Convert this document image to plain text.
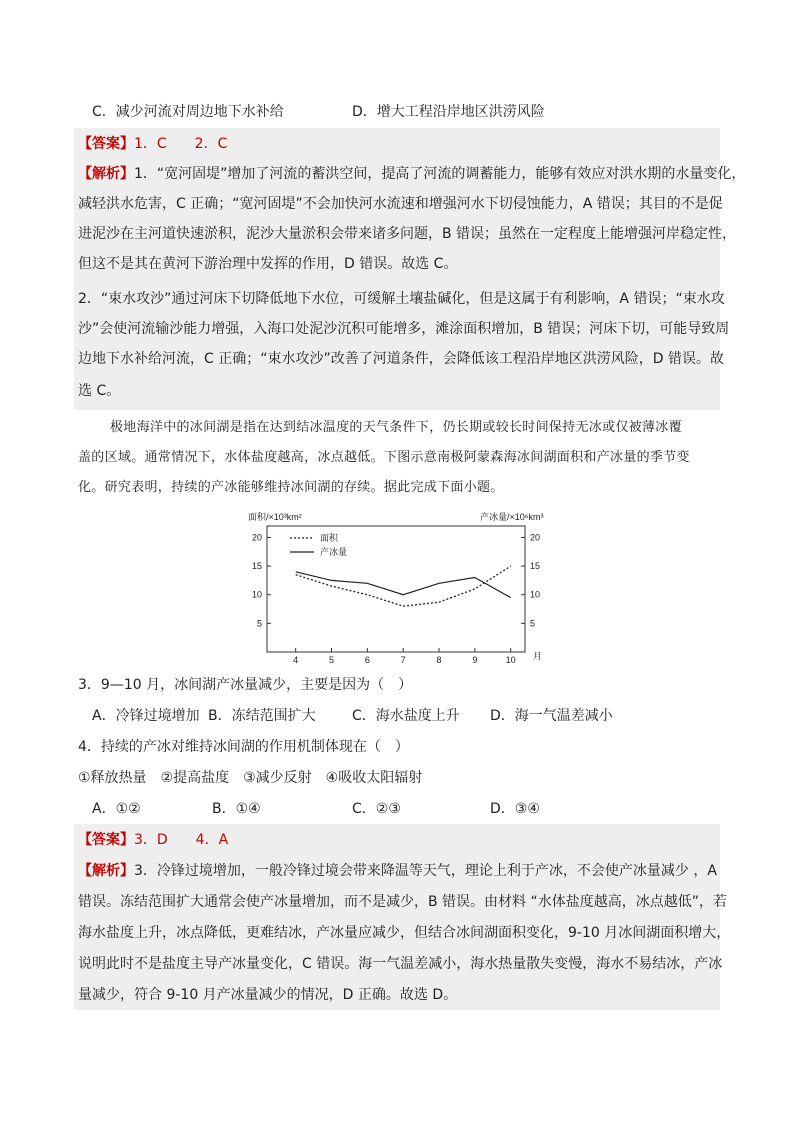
C．减少河流对周边地下水补给	D．增大工程沿岸地区洪涝风险
【答案】1．C　　2．C
【解析】1．“宽河固堤”增加了河流的蓄洪空间，提高了河流的调蓄能力，能够有效应对洪水期的水量变化，
减轻洪水危害，C 正确；“宽河固堤”不会加快河水流速和增强河水下切侵蚀能力，A 错误；其目的不是促
进泥沙在主河道快速淤积，泥沙大量淤积会带来诸多问题，B 错误；虽然在一定程度上能增强河岸稳定性，
但这不是其在黄河下游治理中发挥的作用，D 错误。故选 C。
2．“束水攻沙”通过河床下切降低地下水位，可缓解土壤盐碱化，但是这属于有利影响，A 错误；“束水攻
沙”会使河流输沙能力增强，入海口处泥沙沉积可能增多，滩涂面积增加，B 错误；河床下切，可能导致周
边地下水补给河流，C 正确；“束水攻沙”改善了河道条件，会降低该工程沿岸地区洪涝风险，D 错误。故
选 C。
极地海洋中的冰间湖是指在达到结冰温度的天气条件下，仍长期或较长时间保持无冰或仅被薄冰覆
盖的区域。通常情况下，水体盐度越高，冰点越低。下图示意南极阿蒙森海冰间湖面积和产冰量的季节变
化。研究表明，持续的产冰能够维持冰间湖的存续。据此完成下面小题。
面积/×10³km²	产冰量/×10⁶km³
4	5	6	7	8	9	10
5	5
10	10
15	15
20	20
面积
产冰量
月
3．9—10 月，冰间湖产冰量减少，主要是因为（　）
A．冷锋过境增加 B．冻结范围扩大	C．海水盐度上升 D．海一气温差减小
4．持续的产冰对维持冰间湖的作用机制体现在（　）
①释放热量　②提高盐度　③减少反射　④吸收太阳辐射
A．①②	B．①④	C．②③	D．③④
【答案】3．D　　4．A
【解析】3．冷锋过境增加，一般冷锋过境会带来降温等天气，理论上利于产冰，不会使产冰量减少 ，A
错误。冻结范围扩大通常会使产冰量增加，而不是减少，B 错误。由材料 “水体盐度越高，冰点越低”，若
海水盐度上升，冰点降低，更难结冰，产冰量应减少，但结合冰间湖面积变化，9-10 月冰间湖面积增大，
说明此时不是盐度主导产冰量变化，C 错误。海一气温差减小，海水热量散失变慢，海水不易结冰，产冰
量减少，符合 9-10 月产冰量减少的情况，D 正确。故选 D。
